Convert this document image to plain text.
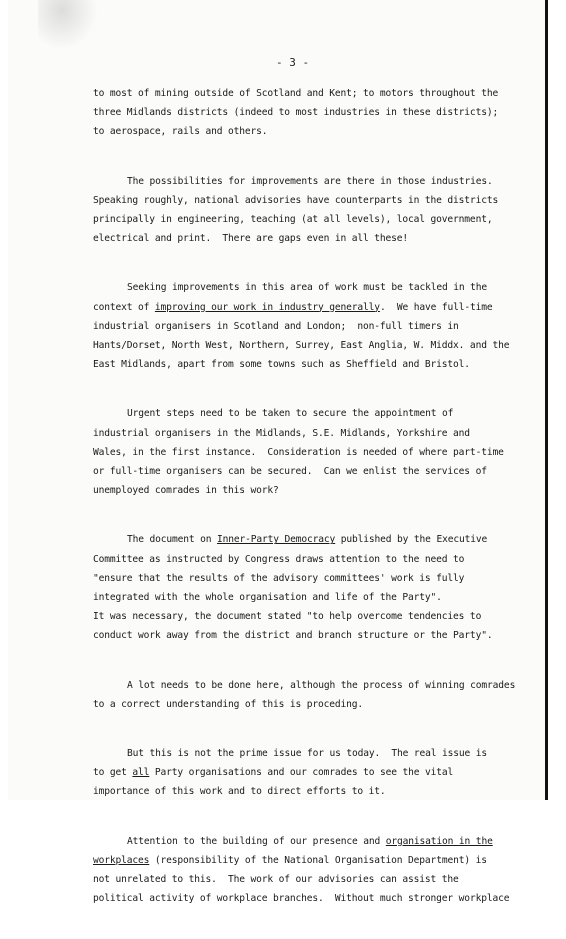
- 3 -
to most of mining outside of Scotland and Kent; to motors throughout the
three Midlands districts (indeed to most industries in these districts);
to aerospace, rails and others.
The possibilities for improvements are there in those industries.
Speaking roughly, national advisories have counterparts in the districts
principally in engineering, teaching (at all levels), local government,
electrical and print.  There are gaps even in all these!
Seeking improvements in this area of work must be tackled in the
context of improving our work in industry generally.  We have full-time
industrial organisers in Scotland and London;  non-full timers in
Hants/Dorset, North West, Northern, Surrey, East Anglia, W. Middx. and the
East Midlands, apart from some towns such as Sheffield and Bristol.
Urgent steps need to be taken to secure the appointment of
industrial organisers in the Midlands, S.E. Midlands, Yorkshire and
Wales, in the first instance.  Consideration is needed of where part-time
or full-time organisers can be secured.  Can we enlist the services of
unemployed comrades in this work?
The document on Inner-Party Democracy published by the Executive
Committee as instructed by Congress draws attention to the need to
"ensure that the results of the advisory committees' work is fully
integrated with the whole organisation and life of the Party".
It was necessary, the document stated "to help overcome tendencies to
conduct work away from the district and branch structure or the Party".
A lot needs to be done here, although the process of winning comrades
to a correct understanding of this is proceding.
But this is not the prime issue for us today.  The real issue is
to get all Party organisations and our comrades to see the vital
importance of this work and to direct efforts to it.
Attention to the building of our presence and organisation in the
workplaces (responsibility of the National Organisation Department) is
not unrelated to this.  The work of our advisories can assist the
political activity of workplace branches.  Without much stronger workplace
